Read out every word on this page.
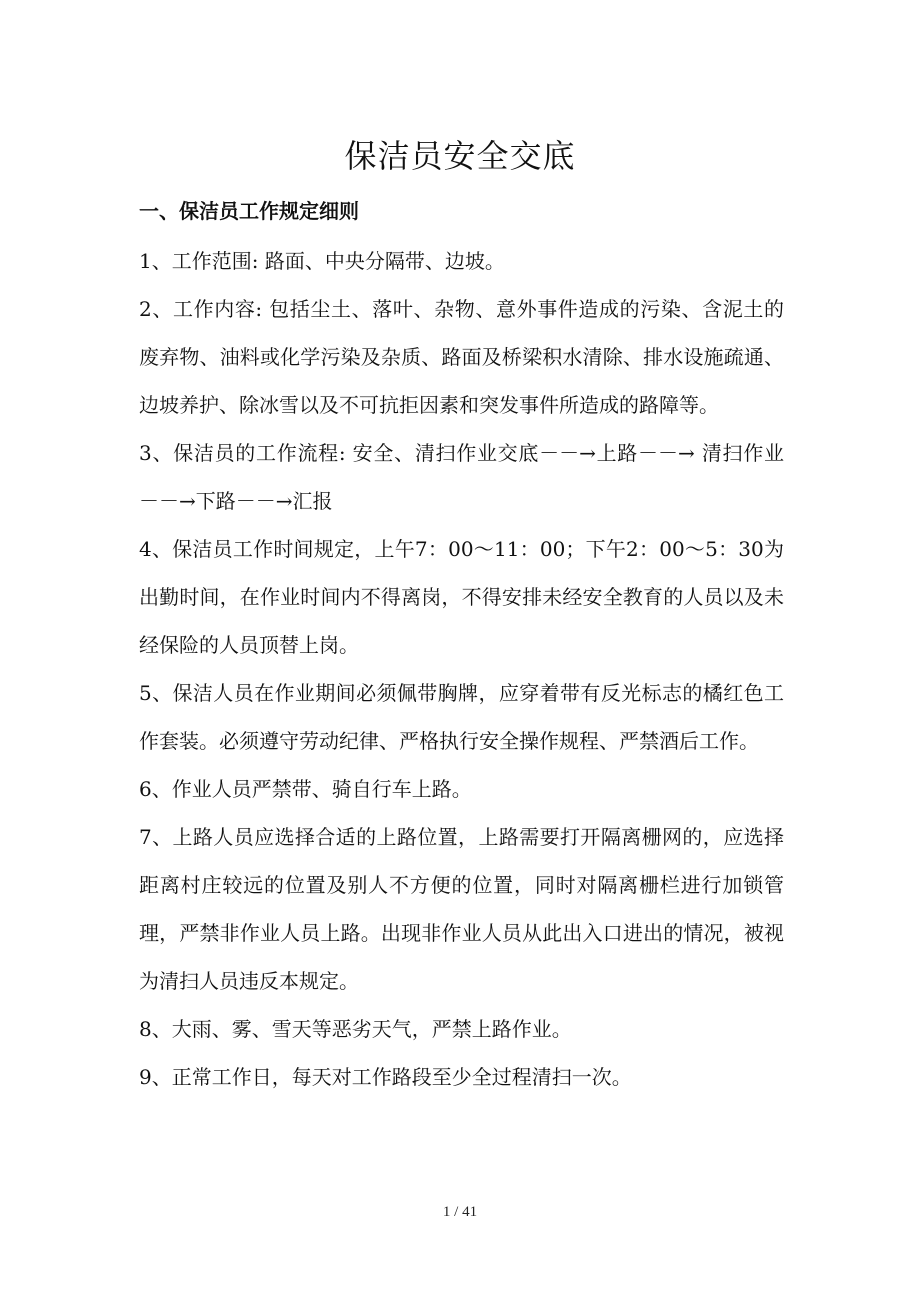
保洁员安全交底
一、保洁员工作规定细则

1、工作范围: 路面、中央分隔带、边坡。

2、工作内容: 包括尘土、落叶、杂物、意外事件造成的污染、含泥土的废弃物、油料或化学污染及杂质、路面及桥梁积水清除、排水设施疏通、边坡养护、除冰雪以及不可抗拒因素和突发事件所造成的路障等。

3、保洁员的工作流程: 安全、清扫作业交底－－→上路－－→ 清扫作业 －－→下路－－→汇报

4、保洁员工作时间规定，上午7：00～11：00；下午2：00～5：30为出勤时间，在作业时间内不得离岗，不得安排未经安全教育的人员以及未经保险的人员顶替上岗。

5、保洁人员在作业期间必须佩带胸牌，应穿着带有反光标志的橘红色工作套装。必须遵守劳动纪律、严格执行安全操作规程、严禁酒后工作。

6、作业人员严禁带、骑自行车上路。

7、上路人员应选择合适的上路位置，上路需要打开隔离栅网的，应选择距离村庄较远的位置及别人不方便的位置，同时对隔离栅栏进行加锁管理，严禁非作业人员上路。出现非作业人员从此出入口进出的情况，被视为清扫人员违反本规定。

8、大雨、雾、雪天等恶劣天气，严禁上路作业。

9、正常工作日，每天对工作路段至少全过程清扫一次。

1 / 41
